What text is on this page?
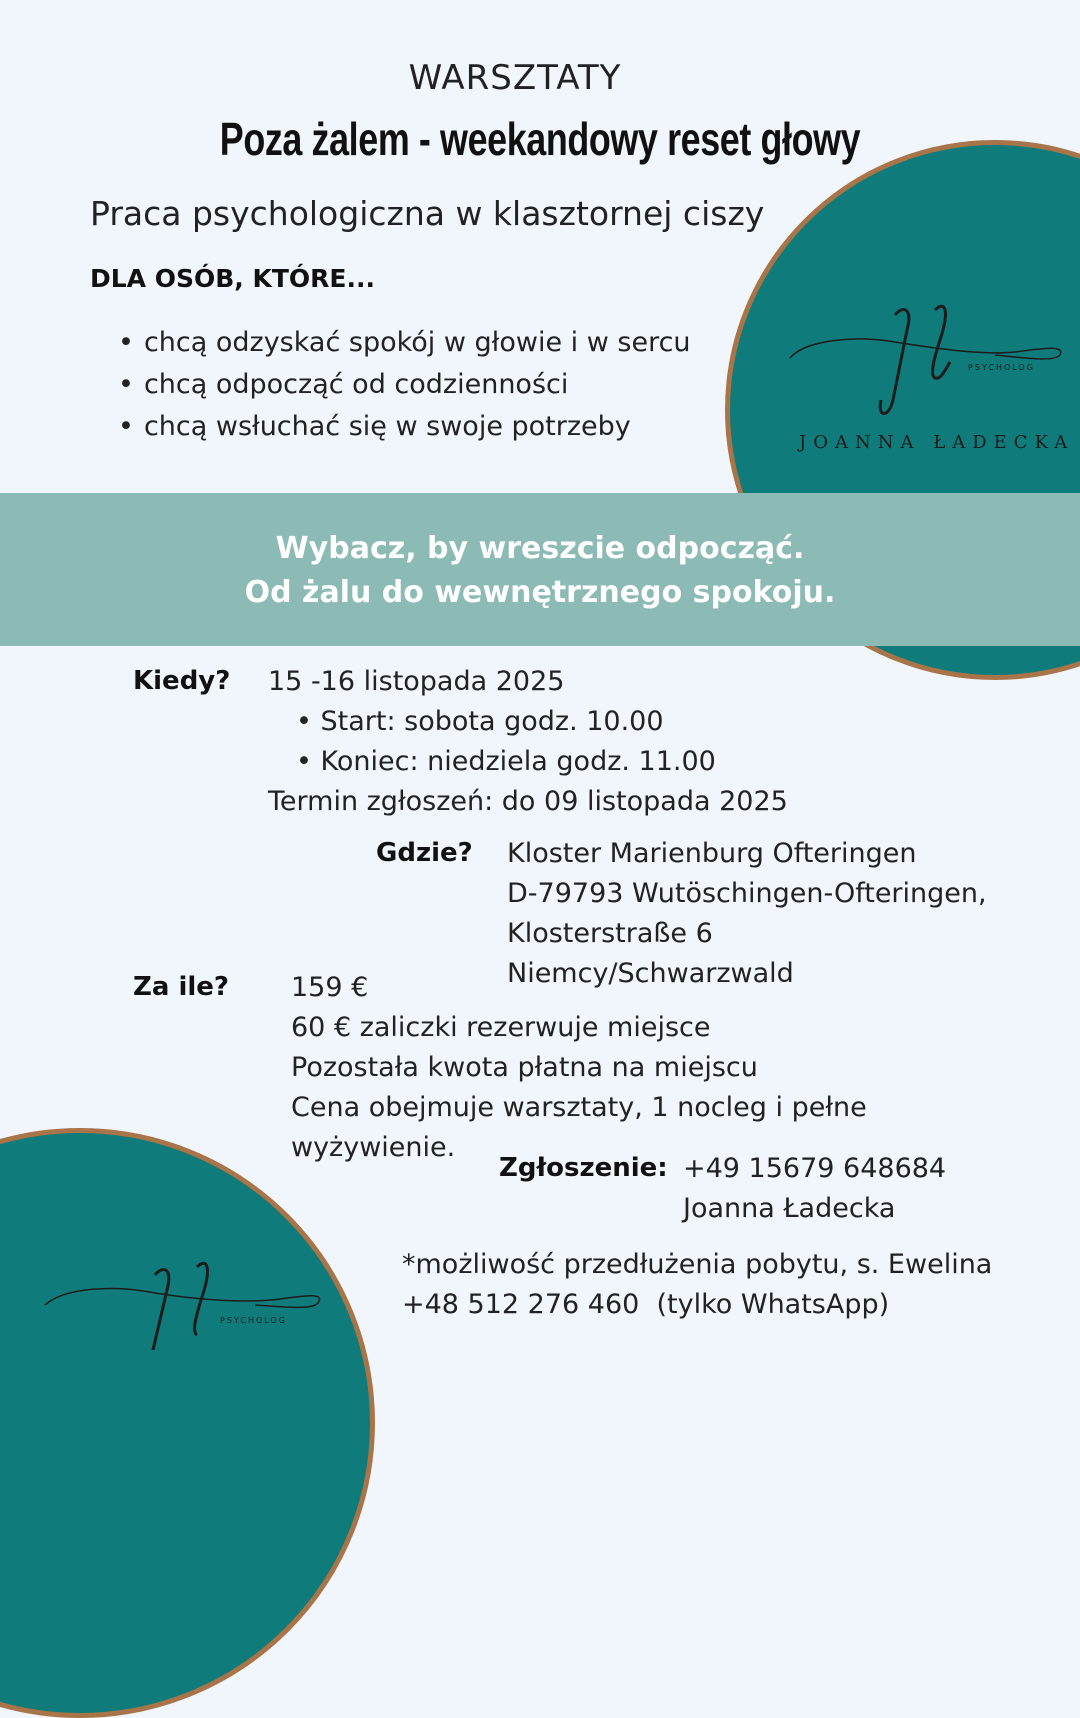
PSYCHOLOG
JOANNA ŁADECKA
PSYCHOLOG
WARSZTATY
Poza żalem - weekandowy reset głowy
Praca psychologiczna w klasztornej ciszy
DLA OSÓB, KTÓRE...
• chcą odzyskać spokój w głowie i w sercu
• chcą odpocząć od codzienności
• chcą wsłuchać się w swoje potrzeby
Wybacz, by wreszcie odpocząć.
Od żalu do wewnętrznego spokoju.
Kiedy? 15 -16 listopada 2025
• Start: sobota godz. 10.00
• Koniec: niedziela godz. 11.00
Termin zgłoszeń: do 09 listopada 2025
Gdzie? Kloster Marienburg Ofteringen
D-79793 Wutöschingen-Ofteringen,
Klosterstraße 6
Niemcy/Schwarzwald
Za ile? 159 €
60 € zaliczki rezerwuje miejsce
Pozostała kwota płatna na miejscu
Cena obejmuje warsztaty, 1 nocleg i pełne
wyżywienie.
Zgłoszenie: +49 15679 648684
Joanna Ładecka
*możliwość przedłużenia pobytu, s. Ewelina
+48 512 276 460  (tylko WhatsApp)
